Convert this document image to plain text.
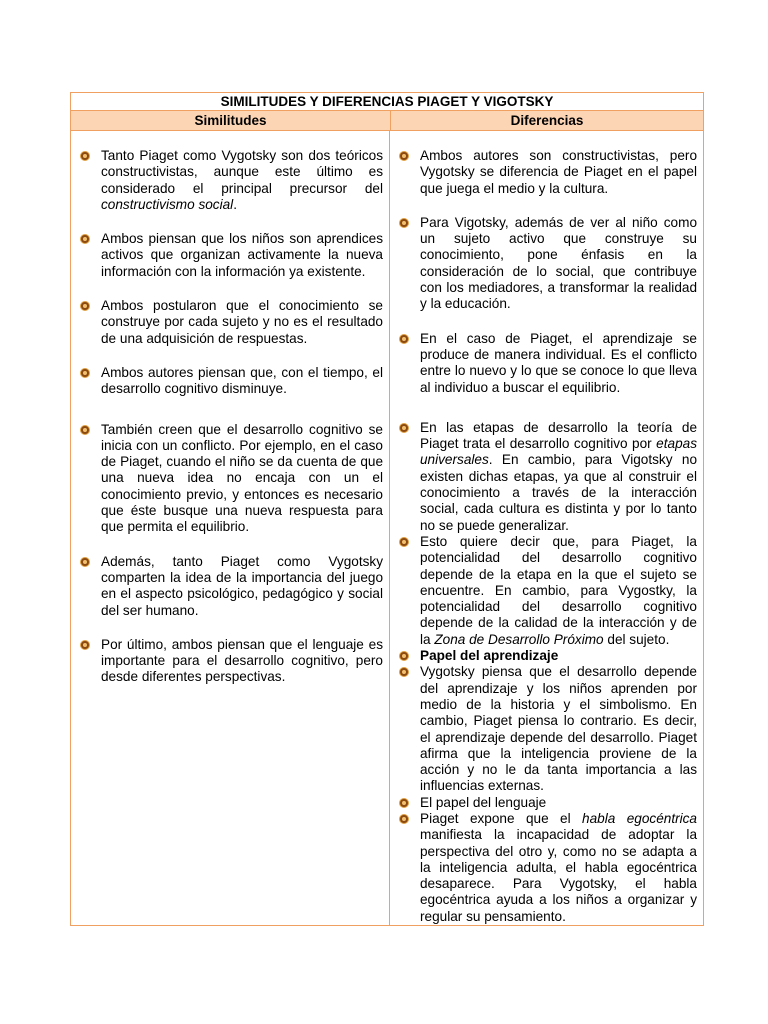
SIMILITUDES Y DIFERENCIAS PIAGET Y VIGOTSKY
Similitudes	Diferencias
Tanto Piaget como Vygotsky son dos teóricos constructivistas, aunque este último es considerado el principal precursor del constructivismo social.
Ambos piensan que los niños son aprendices activos que organizan activamente la nueva información con la información ya existente.
Ambos postularon que el conocimiento se construye por cada sujeto y no es el resultado de una adquisición de respuestas.
Ambos autores piensan que, con el tiempo, el desarrollo cognitivo disminuye.
También creen que el desarrollo cognitivo se inicia con un conflicto. Por ejemplo, en el caso de Piaget, cuando el niño se da cuenta de que una nueva idea no encaja con un el conocimiento previo, y entonces es necesario que éste busque una nueva respuesta para que permita el equilibrio.
Además, tanto Piaget como Vygotsky comparten la idea de la importancia del juego en el aspecto psicológico, pedagógico y social del ser humano.
Por último, ambos piensan que el lenguaje es importante para el desarrollo cognitivo, pero desde diferentes perspectivas.
Ambos autores son constructivistas, pero Vygotsky se diferencia de Piaget en el papel que juega el medio y la cultura.
Para Vigotsky, además de ver al niño como un sujeto activo que construye su conocimiento, pone énfasis en la consideración de lo social, que contribuye con los mediadores, a transformar la realidad y la educación.
En el caso de Piaget, el aprendizaje se produce de manera individual. Es el conflicto entre lo nuevo y lo que se conoce lo que lleva al individuo a buscar el equilibrio.
En las etapas de desarrollo la teoría de Piaget trata el desarrollo cognitivo por etapas universales. En cambio, para Vigotsky no existen dichas etapas, ya que al construir el conocimiento a través de la interacción social, cada cultura es distinta y por lo tanto no se puede generalizar.
Esto quiere decir que, para Piaget, la potencialidad del desarrollo cognitivo depende de la etapa en la que el sujeto se encuentre. En cambio, para Vygostky, la potencialidad del desarrollo cognitivo depende de la calidad de la interacción y de la Zona de Desarrollo Próximo del sujeto.
Papel del aprendizaje
Vygotsky piensa que el desarrollo depende del aprendizaje y los niños aprenden por medio de la historia y el simbolismo. En cambio, Piaget piensa lo contrario. Es decir, el aprendizaje depende del desarrollo. Piaget afirma que la inteligencia proviene de la acción y no le da tanta importancia a las influencias externas.
El papel del lenguaje
Piaget expone que el habla egocéntrica manifiesta la incapacidad de adoptar la perspectiva del otro y, como no se adapta a la inteligencia adulta, el habla egocéntrica desaparece. Para Vygotsky, el habla egocéntrica ayuda a los niños a organizar y regular su pensamiento.
